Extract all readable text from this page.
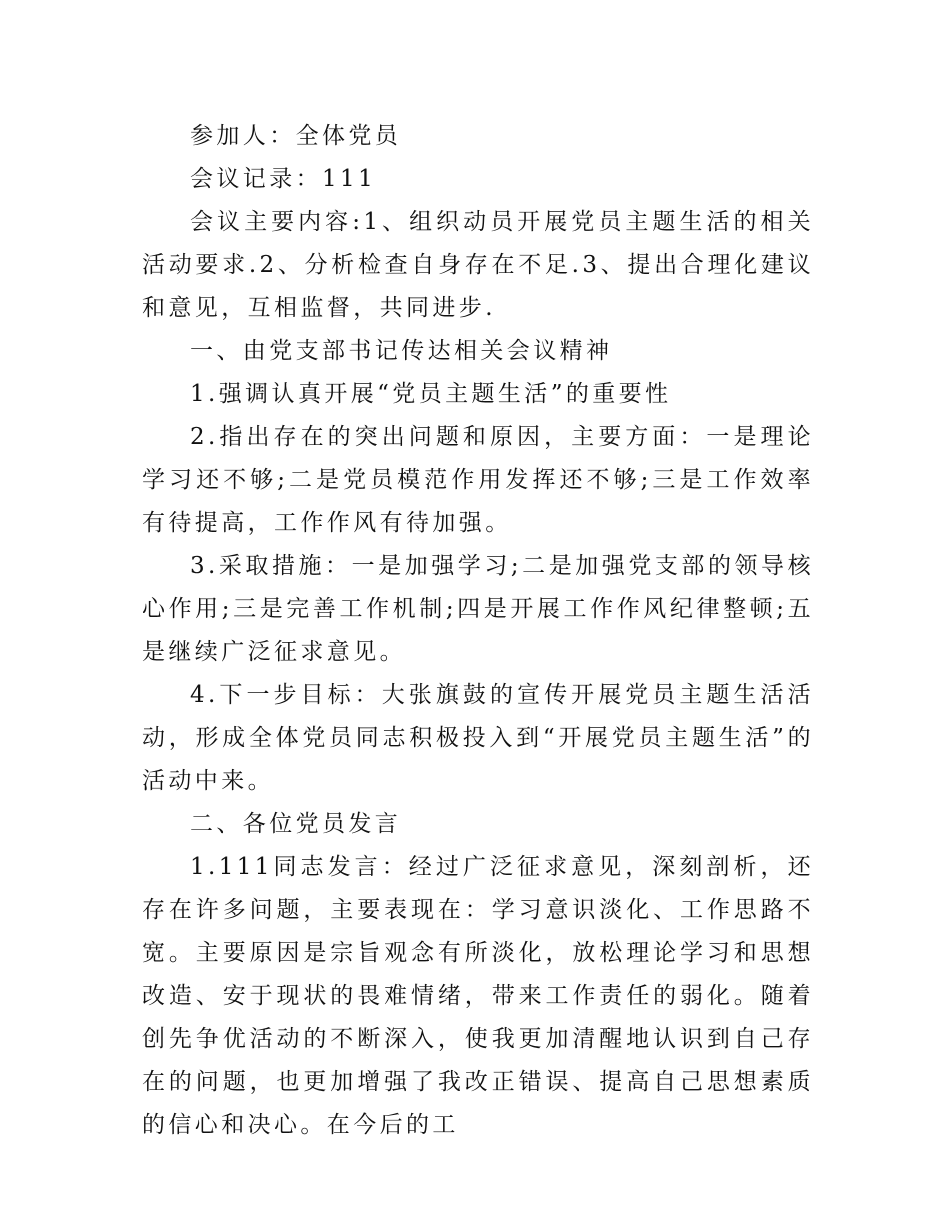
参加人：全体党员

会议记录：111

会议主要内容:1、组织动员开展党员主题生活的相关活动要求.2、分析检查自身存在不足.3、提出合理化建议和意见，互相监督，共同进步.

一、由党支部书记传达相关会议精神

1.强调认真开展“党员主题生活”的重要性

2.指出存在的突出问题和原因，主要方面：一是理论学习还不够;二是党员模范作用发挥还不够;三是工作效率有待提高，工作作风有待加强。

3.采取措施：一是加强学习;二是加强党支部的领导核心作用;三是完善工作机制;四是开展工作作风纪律整顿;五是继续广泛征求意见。

4.下一步目标：大张旗鼓的宣传开展党员主题生活活动，形成全体党员同志积极投入到“开展党员主题生活”的活动中来。

二、各位党员发言

1.111同志发言：经过广泛征求意见，深刻剖析，还存在许多问题，主要表现在：学习意识淡化、工作思路不宽。主要原因是宗旨观念有所淡化，放松理论学习和思想改造、安于现状的畏难情绪，带来工作责任的弱化。随着创先争优活动的不断深入，使我更加清醒地认识到自己存在的问题，也更加增强了我改正错误、提高自己思想素质的信心和决心。在今后的工
